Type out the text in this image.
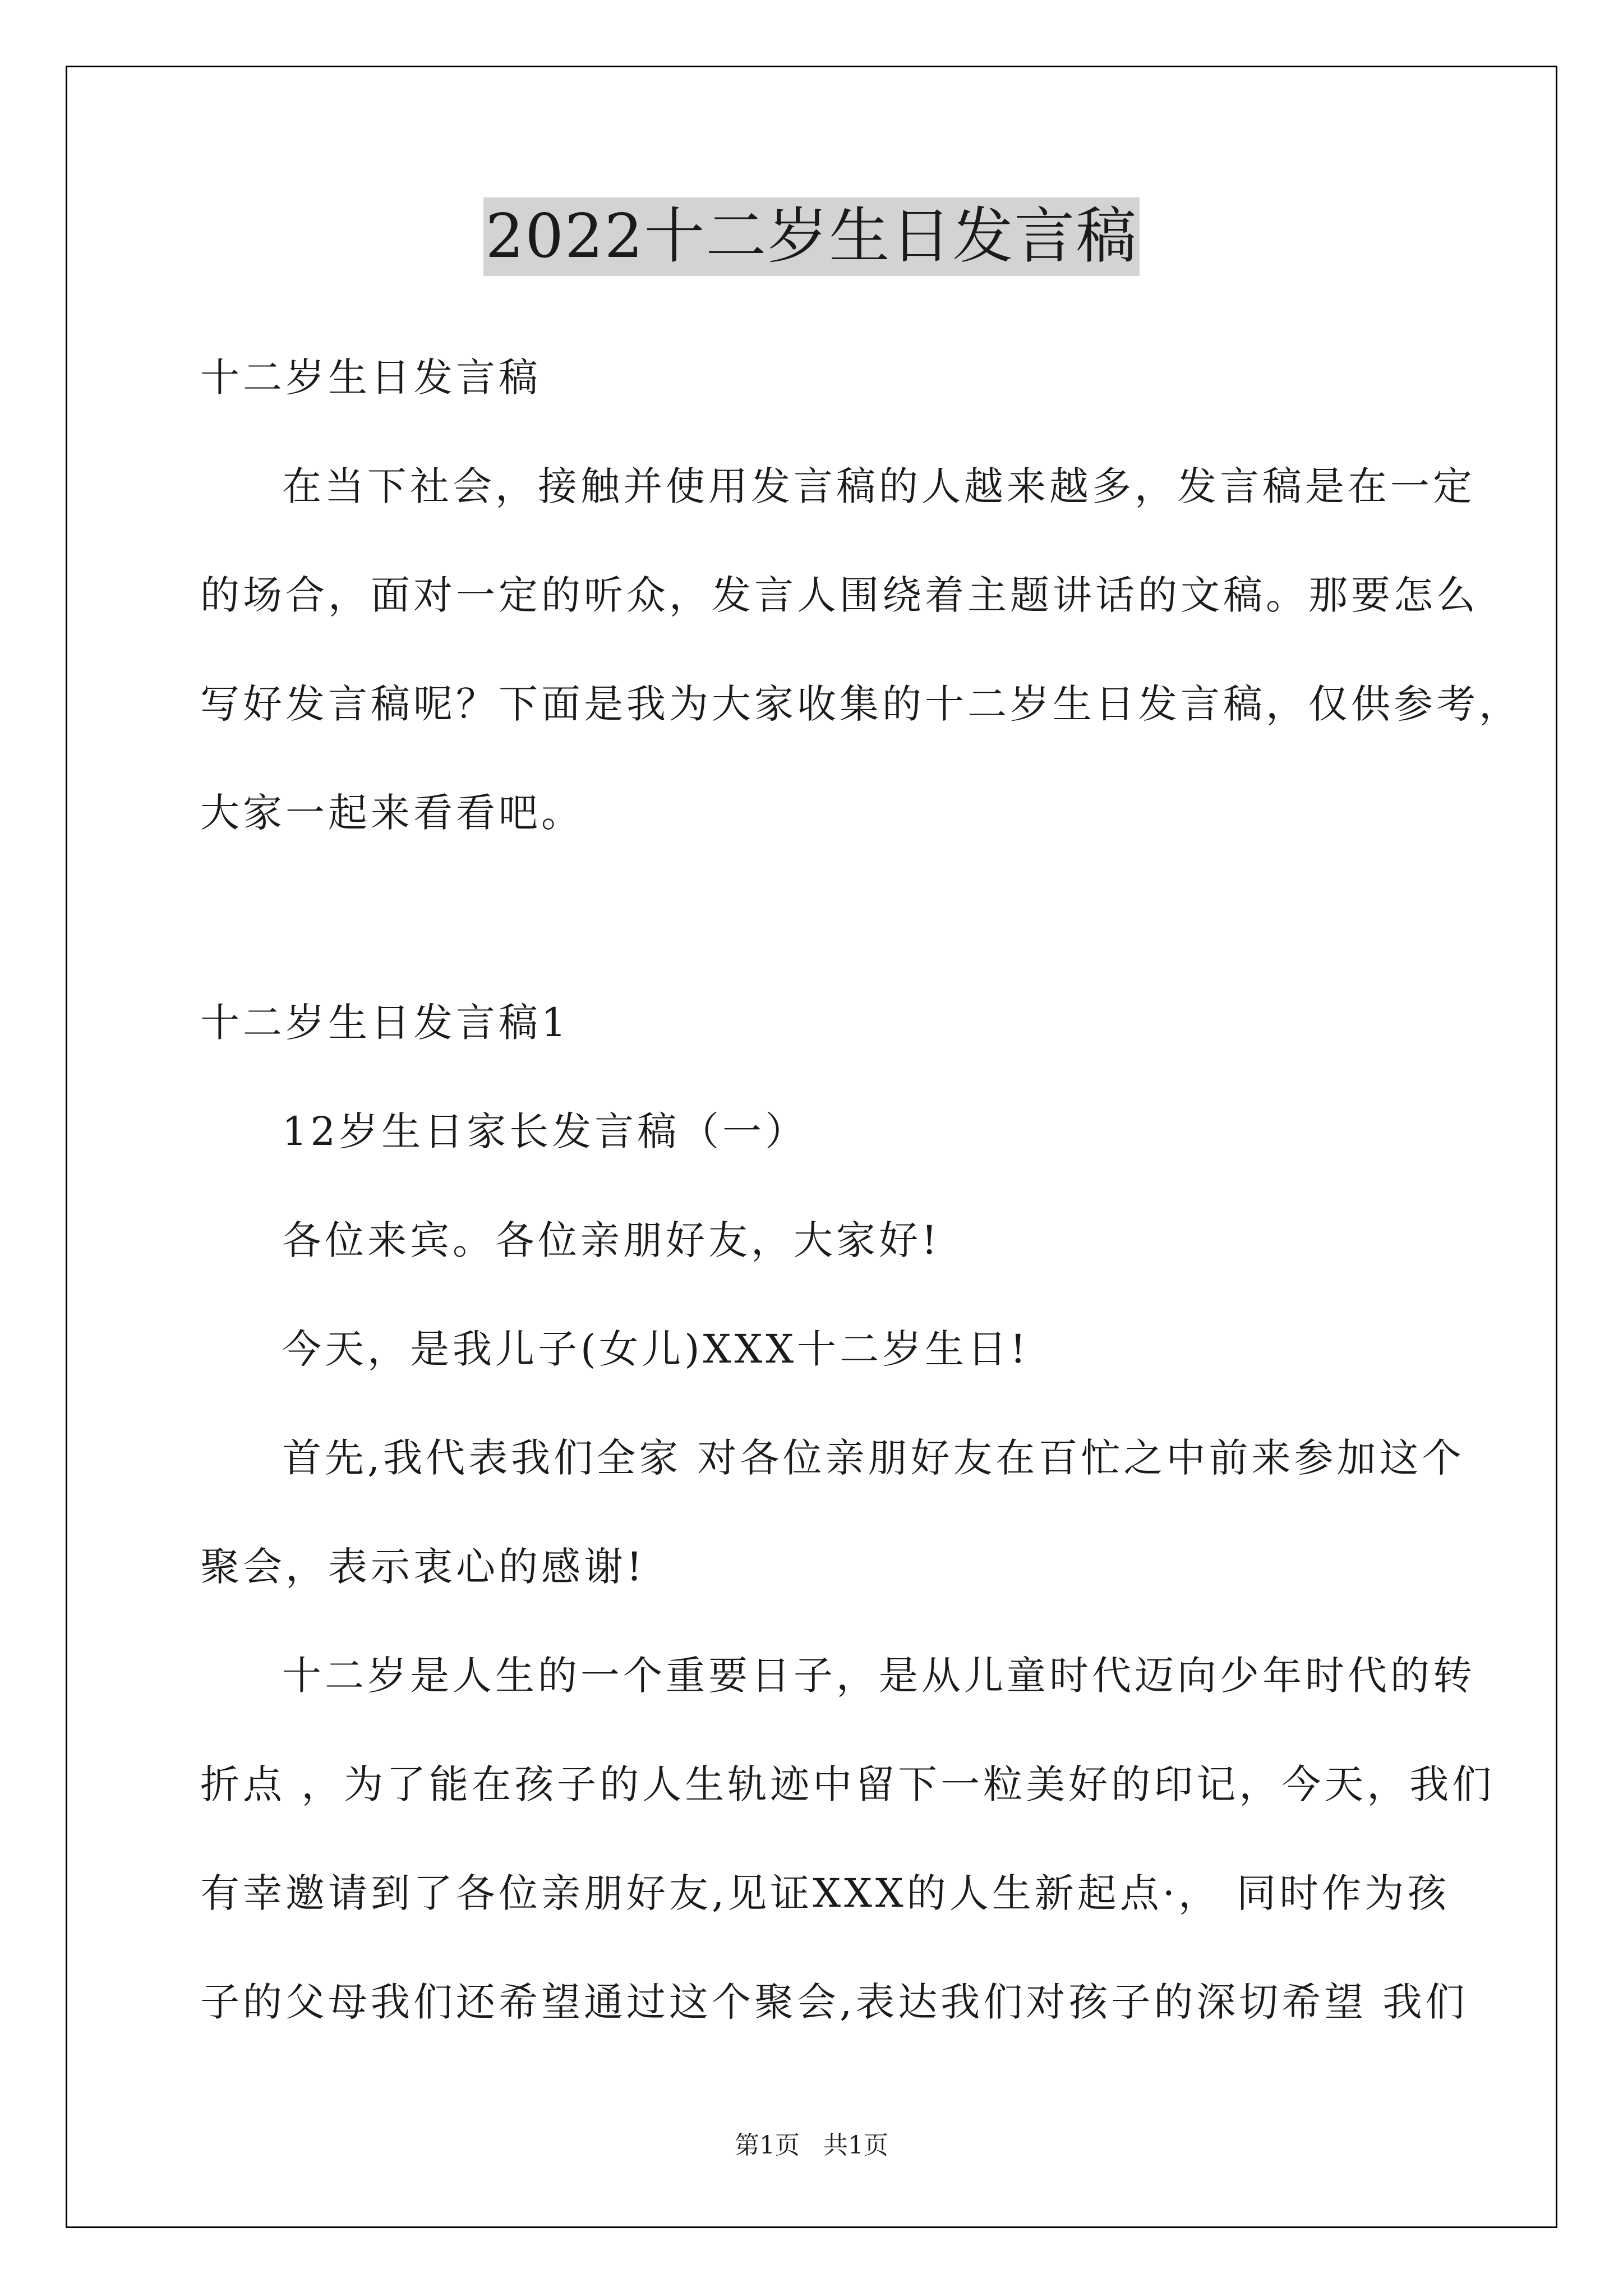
2022十二岁生日发言稿
十二岁生日发言稿
在当下社会，接触并使用发言稿的人越来越多，发言稿是在一定
的场合，面对一定的听众，发言人围绕着主题讲话的文稿。那要怎么
写好发言稿呢？下面是我为大家收集的十二岁生日发言稿，仅供参考，
大家一起来看看吧。
十二岁生日发言稿1
12岁生日家长发言稿（一）
各位来宾。各位亲朋好友，大家好!
今天，是我儿子(女儿)XXX十二岁生日!
首先,我代表我们全家 对各位亲朋好友在百忙之中前来参加这个
聚会，表示衷心的感谢!
十二岁是人生的一个重要日子，是从儿童时代迈向少年时代的转
折点 ，为了能在孩子的人生轨迹中留下一粒美好的印记，今天，我们
有幸邀请到了各位亲朋好友,见证XXX的人生新起点·， 同时作为孩
子的父母我们还希望通过这个聚会,表达我们对孩子的深切希望 我们
第1页   共1页
